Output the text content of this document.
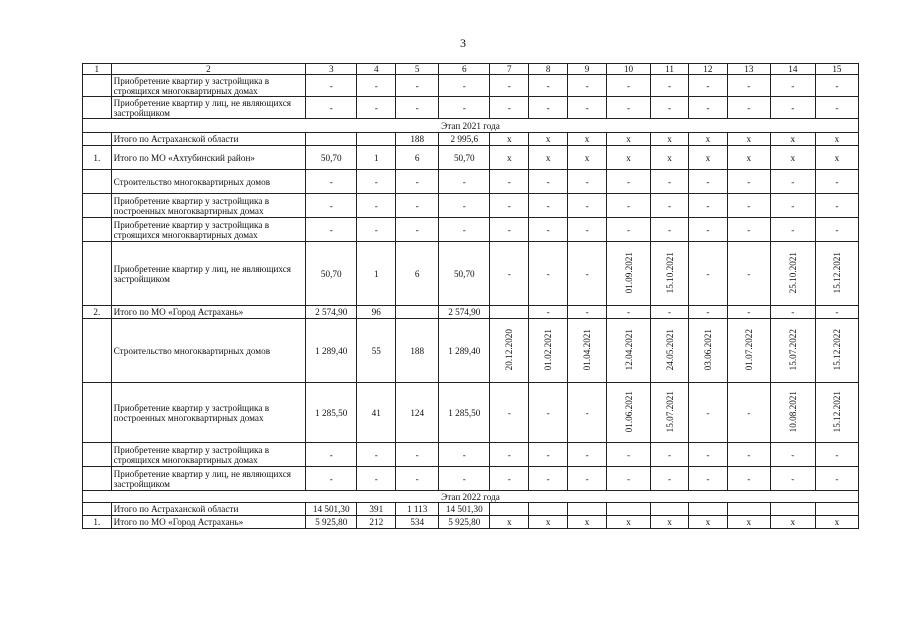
3
1	2	3	4	5	6	7	8	9	10	11	12	13	14	15
	Приобретение квартир у застройщика в строящихся многоквартирных домах	-	-	-	-	-	-	-	-	-	-	-	-	-
	Приобретение квартир у лиц, не являющихся застройщиком	-	-	-	-	-	-	-	-	-	-	-	-	-
Этап 2021 года														
	Итого по Астраханской области			188	2 995,6	x	x	x	x	x	x	x	x	x
1.	Итого по МО «Ахтубинский район»	50,70	1	6	50,70	x	x	x	x	x	x	x	x	x
	Строительство многоквартирных домов	-	-	-	-	-	-	-	-	-	-	-	-	-
	Приобретение квартир у застройщика в построенных многоквартирных домах	-	-	-	-	-	-	-	-	-	-	-	-	-
	Приобретение квартир у застройщика в строящихся многоквартирных домах	-	-	-	-	-	-	-	-	-	-	-	-	-
	Приобретение квартир у лиц, не являющихся застройщиком	50,70	1	6	50,70	-	-	-	01.09.2021	15.10.2021	-	-	25.10.2021	15.12.2021
2.	Итого по МО «Город Астрахань»	2 574,90	96		2 574,90		-	-	-	-	-	-	-	-
	Строительство многоквартирных домов	1 289,40	55	188	1 289,40	20.12.2020	01.02.2021	01.04.2021	12.04.2021	24.05.2021	03.06.2021	01.07.2022	15.07.2022	15.12.2022
	Приобретение квартир у застройщика в построенных многоквартирных домах	1 285,50	41	124	1 285,50	-	-	-	01.06.2021	15.07.2021	-	-	10.08.2021	15.12.2021
	Приобретение квартир у застройщика в строящихся многоквартирных домах	-	-	-	-	-	-	-	-	-	-	-	-	-
	Приобретение квартир у лиц, не являющихся застройщиком	-	-	-	-	-	-	-	-	-	-	-	-	-
Этап 2022 года														
	Итого по Астраханской области	14 501,30	391	1 113	14 501,30									
1.	Итого по МО «Город Астрахань»	5 925,80	212	534	5 925,80	x	x	x	x	x	x	x	x	x
